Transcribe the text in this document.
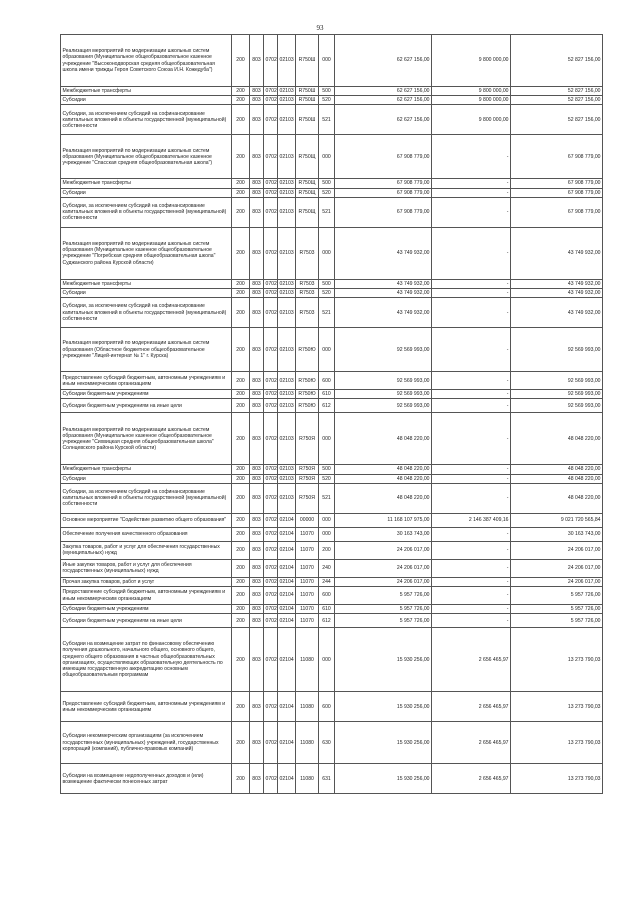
93
Реализация мероприятий по модернизации школьных систем образования (Муниципальное общеобразовательное казенное учреждение "Высоконодворская средняя общеобразовательная школа имени трижды Героя Советского Союза И.Н. Кожедуба")	200	803	0702	02103	R750Ш	000	62 627 156,00	9 800 000,00	52 827 156,00
Межбюджетные трансферты	200	803	0702	02103	R750Ш	500	62 627 156,00	9 800 000,00	52 827 156,00
Субсидии	200	803	0702	02103	R750Ш	520	62 627 156,00	9 800 000,00	52 827 156,00
Субсидии, за исключением субсидий на софинансирование капитальных вложений в объекты государственной (муниципальной) собственности	200	803	0702	02103	R750Ш	521	62 627 156,00	9 800 000,00	52 827 156,00
Реализация мероприятий по модернизации школьных систем образования (Муниципальное общеобразовательное казенное учреждение "Спасская средняя общеобразовательная школа")	200	803	0702	02103	R750Щ	000	67 908 779,00	-	67 908 779,00
Межбюджетные трансферты	200	803	0702	02103	R750Щ	500	67 908 779,00	-	67 908 779,00
Субсидии	200	803	0702	02103	R750Щ	520	67 908 779,00	-	67 908 779,00
Субсидии, за исключением субсидий на софинансирование капитальных вложений в объекты государственной (муниципальной) собственности	200	803	0702	02103	R750Щ	521	67 908 779,00	-	67 908 779,00
Реализация мероприятий по модернизации школьных систем образования (Муниципальное казенное общеобразовательное учреждение "Погребская средняя общеобразовательная школа" Суджанского района Курской области)	200	803	0702	02103	R7503	000	43 749 932,00	-	43 749 932,00
Межбюджетные трансферты	200	803	0702	02103	R7503	500	43 749 932,00	-	43 749 932,00
Субсидии	200	803	0702	02103	R7503	520	43 749 932,00	-	43 749 932,00
Субсидии, за исключением субсидий на софинансирование капитальных вложений в объекты государственной (муниципальной) собственности	200	803	0702	02103	R7503	521	43 749 932,00	-	43 749 932,00
Реализация мероприятий по модернизации школьных систем образования (Областное бюджетное общеобразовательное учреждение "Лицей-интернат № 1" г. Курска)	200	803	0702	02103	R750Ю	000	92 569 993,00	-	92 569 993,00
Предоставление субсидий бюджетным, автономным учреждениям и иным некоммерческим организациям	200	803	0702	02103	R750Ю	600	92 569 993,00	-	92 569 993,00
Субсидии бюджетным учреждениям	200	803	0702	02103	R750Ю	610	92 569 993,00	-	92 569 993,00
Субсидии бюджетным учреждениям на иные цели	200	803	0702	02103	R750Ю	612	92 569 993,00	-	92 569 993,00
Реализация мероприятий по модернизации школьных систем образования (Муниципальное казенное общеобразовательное учреждение "Сихвицкая средняя общеобразовательная школа" Солнцевского района Курской области)	200	803	0702	02103	R750Я	000	48 048 220,00	-	48 048 220,00
Межбюджетные трансферты	200	803	0702	02103	R750Я	500	48 048 220,00	-	48 048 220,00
Субсидии	200	803	0702	02103	R750Я	520	48 048 220,00	-	48 048 220,00
Субсидии, за исключением субсидий на софинансирование капитальных вложений в объекты государственной (муниципальной) собственности	200	803	0702	02103	R750Я	521	48 048 220,00	-	48 048 220,00
Основное мероприятие "Содействие развитию общего образования"	200	803	0702	02104	00000	000	11 168 107 975,00	2 146 387 409,16	9 021 720 565,84
Обеспечение получения качественного образования	200	803	0702	02104	11070	000	30 163 743,00	-	30 163 743,00
Закупка товаров, работ и услуг для обеспечения государственных (муниципальных) нужд	200	803	0702	02104	11070	200	24 206 017,00	-	24 206 017,00
Иные закупки товаров, работ и услуг для обеспечения государственных (муниципальных) нужд	200	803	0702	02104	11070	240	24 206 017,00	-	24 206 017,00
Прочая закупка товаров, работ и услуг	200	803	0702	02104	11070	244	24 206 017,00	-	24 206 017,00
Предоставление субсидий бюджетным, автономным учреждениям и иным некоммерческим организациям	200	803	0702	02104	11070	600	5 957 726,00	-	5 957 726,00
Субсидии бюджетным учреждениям	200	803	0702	02104	11070	610	5 957 726,00	-	5 957 726,00
Субсидии бюджетным учреждениям на иные цели	200	803	0702	02104	11070	612	5 957 726,00	-	5 957 726,00
Субсидии на возмещение затрат по финансовому обеспечению получения дошкольного, начального общего, основного общего, среднего общего образования в частных общеобразовательных организациях, осуществляющих образовательную деятельность по имеющим государственную аккредитацию основным общеобразовательным программам	200	803	0702	02104	11080	000	15 930 256,00	2 656 465,97	13 273 790,03
Предоставление субсидий бюджетным, автономным учреждениям и иным некоммерческим организациям	200	803	0702	02104	11080	600	15 930 256,00	2 656 465,97	13 273 790,03
Субсидии некоммерческим организациям (за исключением государственных (муниципальных) учреждений, государственных корпораций (компаний), публично-правовых компаний)	200	803	0702	02104	11080	630	15 930 256,00	2 656 465,97	13 273 790,03
Субсидии на возмещение недополученных доходов и (или) возмещение фактически понесенных затрат	200	803	0702	02104	11080	631	15 930 256,00	2 656 465,97	13 273 790,03
